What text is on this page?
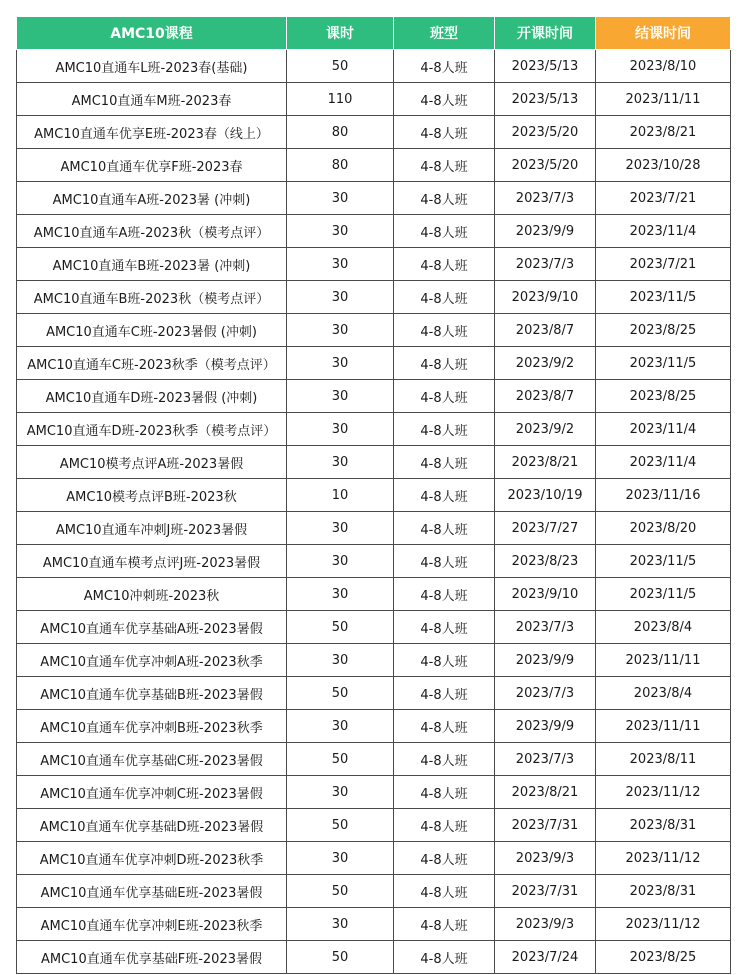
AMC10课程	课时	班型	开课时间	结课时间
AMC10直通车L班-2023春(基础)	50	4-8人班	2023/5/13	2023/8/10
AMC10直通车M班-2023春	110	4-8人班	2023/5/13	2023/11/11
AMC10直通车优享E班-2023春（线上）	80	4-8人班	2023/5/20	2023/8/21
AMC10直通车优享F班-2023春	80	4-8人班	2023/5/20	2023/10/28
AMC10直通车A班-2023暑 (冲刺)	30	4-8人班	2023/7/3	2023/7/21
AMC10直通车A班-2023秋（模考点评）	30	4-8人班	2023/9/9	2023/11/4
AMC10直通车B班-2023暑 (冲刺)	30	4-8人班	2023/7/3	2023/7/21
AMC10直通车B班-2023秋（模考点评）	30	4-8人班	2023/9/10	2023/11/5
AMC10直通车C班-2023暑假 (冲刺)	30	4-8人班	2023/8/7	2023/8/25
AMC10直通车C班-2023秋季（模考点评）	30	4-8人班	2023/9/2	2023/11/5
AMC10直通车D班-2023暑假 (冲刺)	30	4-8人班	2023/8/7	2023/8/25
AMC10直通车D班-2023秋季（模考点评）	30	4-8人班	2023/9/2	2023/11/4
AMC10模考点评A班-2023暑假	30	4-8人班	2023/8/21	2023/11/4
AMC10模考点评B班-2023秋	10	4-8人班	2023/10/19	2023/11/16
AMC10直通车冲刺J班-2023暑假	30	4-8人班	2023/7/27	2023/8/20
AMC10直通车模考点评J班-2023暑假	30	4-8人班	2023/8/23	2023/11/5
AMC10冲刺班-2023秋	30	4-8人班	2023/9/10	2023/11/5
AMC10直通车优享基础A班-2023暑假	50	4-8人班	2023/7/3	2023/8/4
AMC10直通车优享冲刺A班-2023秋季	30	4-8人班	2023/9/9	2023/11/11
AMC10直通车优享基础B班-2023暑假	50	4-8人班	2023/7/3	2023/8/4
AMC10直通车优享冲刺B班-2023秋季	30	4-8人班	2023/9/9	2023/11/11
AMC10直通车优享基础C班-2023暑假	50	4-8人班	2023/7/3	2023/8/11
AMC10直通车优享冲刺C班-2023暑假	30	4-8人班	2023/8/21	2023/11/12
AMC10直通车优享基础D班-2023暑假	50	4-8人班	2023/7/31	2023/8/31
AMC10直通车优享冲刺D班-2023秋季	30	4-8人班	2023/9/3	2023/11/12
AMC10直通车优享基础E班-2023暑假	50	4-8人班	2023/7/31	2023/8/31
AMC10直通车优享冲刺E班-2023秋季	30	4-8人班	2023/9/3	2023/11/12
AMC10直通车优享基础F班-2023暑假	50	4-8人班	2023/7/24	2023/8/25
